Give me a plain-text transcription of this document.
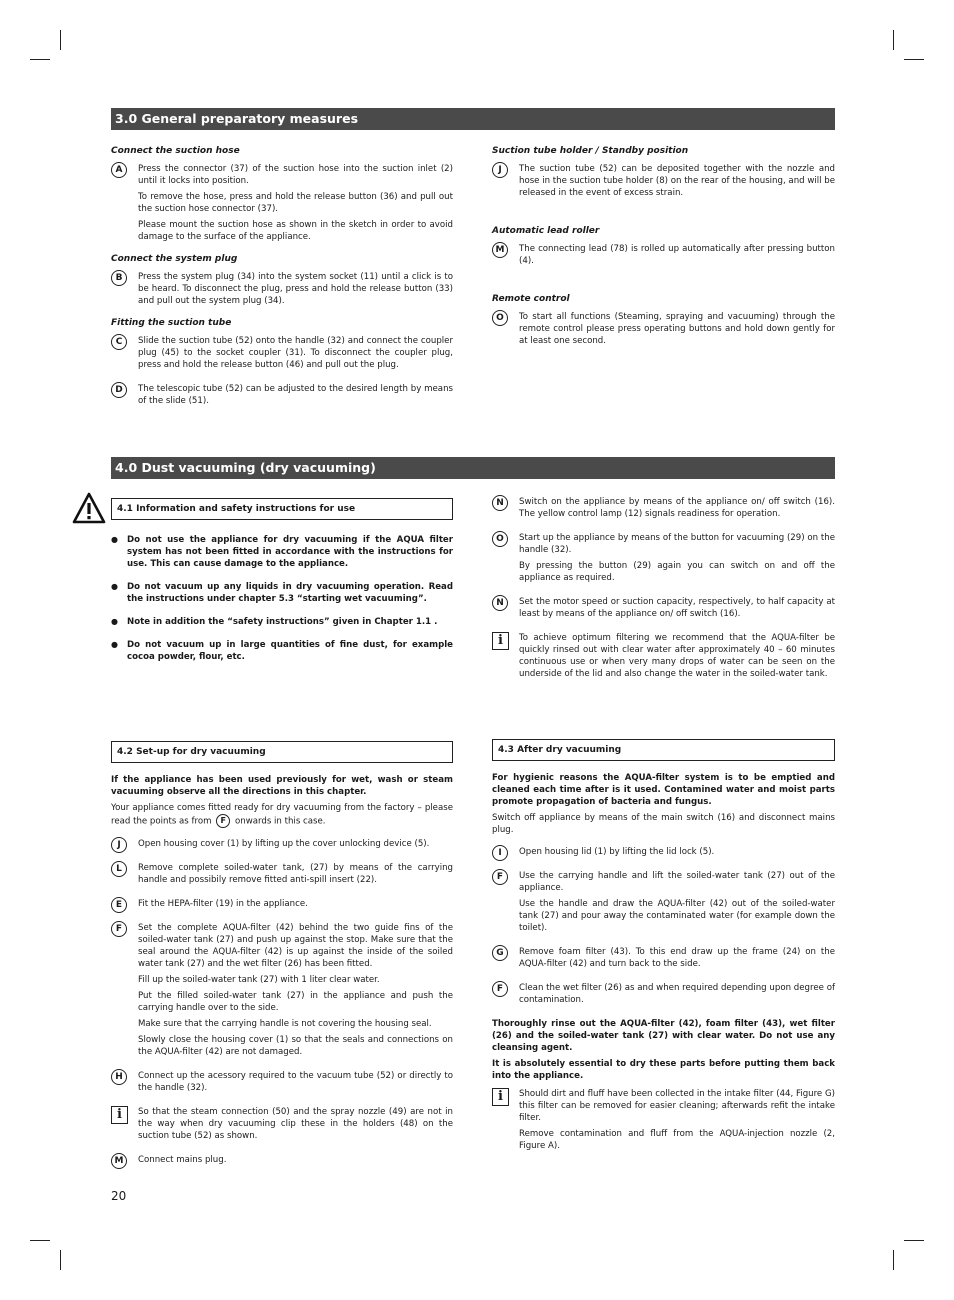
3.0 General preparatory measures
Connect the suction hose
A	Press the connector (37) of the suction hose into the suction inlet (2) until it locks into position.

To remove the hose, press and hold the release button (36) and pull out the suction hose connector (37).

Please mount the suction hose as shown in the sketch in order to avoid damage to the surface of the appliance.

Connect the system plug
B	Press the system plug (34) into the system socket (11) until a click is to be heard. To disconnect the plug, press and hold the release button (33) and pull out the system plug (34).

Fitting the suction tube
C	Slide the suction tube (52) onto the handle (32) and connect the coupler plug (45) to the socket coupler (31). To disconnect the coupler plug, press and hold the release button (46) and pull out the plug.

D	The telescopic tube (52) can be adjusted to the desired length by means of the slide (51).

Suction tube holder / Standby position
J	The suction tube (52) can be deposited together with the nozzle and hose in the suction tube holder (8) on the rear of the housing, and will be released in the event of excess strain.

Automatic lead roller
M	The connecting lead (78) is rolled up automatically after pressing button (4).

Remote control
O	To start all functions (Steaming, spraying and vacuuming) through the remote control please press operating buttons and hold down gently for at least one second.

4.0 Dust vacuuming (dry vacuuming)
4.1 Information and safety instructions for use
● Do not use the appliance for dry vacuuming if the AQUA filter system has not been fitted in accordance with the instructions for use. This can cause damage to the appliance.
● Do not vacuum up any liquids in dry vacuuming operation. Read the instructions under chapter 5.3 “starting wet vacuuming”.
● Note in addition the “safety instructions” given in Chapter 1.1 .
● Do not vacuum up in large quantities of fine dust, for example cocoa powder, flour, etc.
N	Switch on the appliance by means of the appliance on/ off switch (16). The yellow control lamp (12) signals readiness for operation.

O	Start up the appliance by means of the button for vacuuming (29) on the handle (32).

By pressing the button (29) again you can switch on and off the appliance as required.

N	Set the motor speed or suction capacity, respectively, to half capacity at least by means of the appliance on/ off switch (16).

i	To achieve optimum filtering we recommend that the AQUA-filter be quickly rinsed out with clear water after approximately 40 – 60 minutes continuous use or when very many drops of water can be seen on the underside of the lid and also change the water in the soiled-water tank.

4.2 Set-up for dry vacuuming

If the appliance has been used previously for wet, wash or steam vacuuming observe all the directions in this chapter.

Your appliance comes fitted ready for dry vacuuming from the factory – please read the points as from F onwards in this case.

J	Open housing cover (1) by lifting up the cover unlocking device (5).

L	Remove complete soiled-water tank, (27) by means of the carrying handle and possibily remove fitted anti-spill insert (22).

E	Fit the HEPA-filter (19) in the appliance.

F	Set the complete AQUA-filter (42) behind the two guide fins of the soiled-water tank (27) and push up against the stop. Make sure that the seal around the AQUA-filter (42) is up against the inside of the soiled water tank (27) and the wet filter (26) has been fitted.

Fill up the soiled-water tank (27) with 1 liter clear water.

Put the filled soiled-water tank (27) in the appliance and push the carrying handle over to the side.

Make sure that the carrying handle is not covering the housing seal.

Slowly close the housing cover (1) so that the seals and connections on the AQUA-filter (42) are not damaged.

H	Connect up the acessory required to the vacuum tube (52) or directly to the handle (32).

i	So that the steam connection (50) and the spray nozzle (49) are not in the way when dry vacuuming clip these in the holders (48) on the suction tube (52) as shown.

M	Connect mains plug.

4.3 After dry vacuuming

For hygienic reasons the AQUA-filter system is to be emptied and cleaned each time after is it used. Contamined water and moist parts promote propagation of bacteria and fungus.

Switch off appliance by means of the main switch (16) and disconnect mains plug.

I	Open housing lid (1) by lifting the lid lock (5).

F	Use the carrying handle and lift the soiled-water tank (27) out of the appliance.

Use the handle and draw the AQUA-filter (42) out of the soiled-water tank (27) and pour away the contaminated water (for example down the toilet).

G	Remove foam filter (43). To this end draw up the frame (24) on the AQUA-filter (42) and turn back to the side.

F	Clean the wet filter (26) as and when required depending upon degree of contamination.

Thoroughly rinse out the AQUA-filter (42), foam filter (43), wet filter (26) and the soiled-water tank (27) with clear water. Do not use any cleansing agent.

It is absolutely essential to dry these parts before putting them back into the appliance.

i	Should dirt and fluff have been collected in the intake filter (44, Figure G) this filter can be removed for easier cleaning; afterwards refit the intake filter.

Remove contamination and fluff from the AQUA-injection nozzle (2, Figure A).

20
